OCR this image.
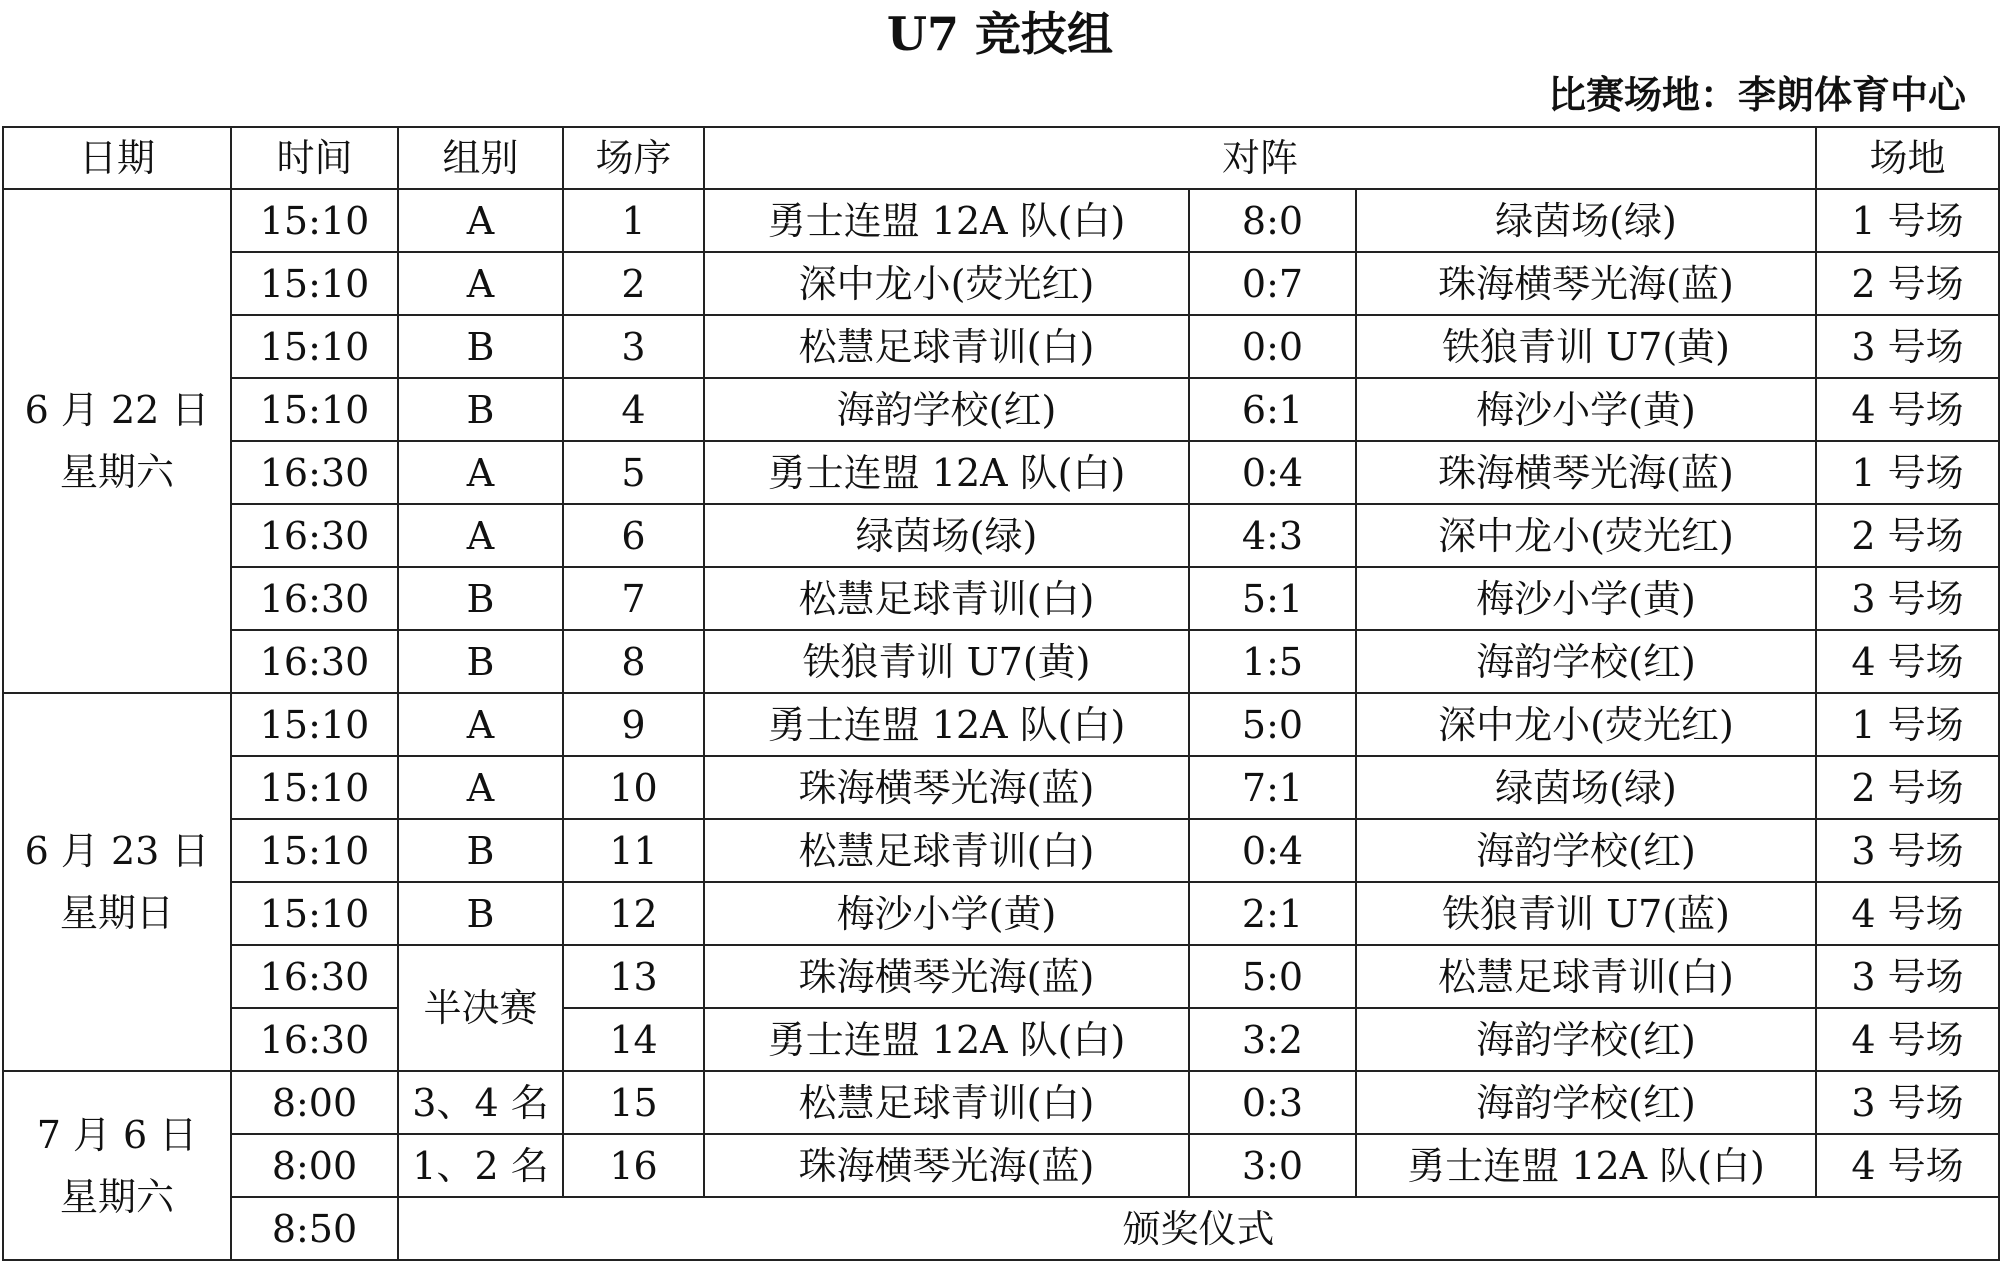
U7 竞技组
比赛场地：李朗体育中心
日期	时间	组别	场序	对阵			场地

6 月 22 日
星期六	15:10	A	1	勇士连盟 12A 队(白)	8:0	绿茵场(绿)	1 号场
	15:10	A	2	深中龙小(荧光红)	0:7	珠海横琴光海(蓝)	2 号场
	15:10	B	3	松慧足球青训(白)	0:0	铁狼青训 U7(黄)	3 号场
	15:10	B	4	海韵学校(红)	6:1	梅沙小学(黄)	4 号场
	16:30	A	5	勇士连盟 12A 队(白)	0:4	珠海横琴光海(蓝)	1 号场
	16:30	A	6	绿茵场(绿)	4:3	深中龙小(荧光红)	2 号场
	16:30	B	7	松慧足球青训(白)	5:1	梅沙小学(黄)	3 号场
	16:30	B	8	铁狼青训 U7(黄)	1:5	海韵学校(红)	4 号场

6 月 23 日
星期日	15:10	A	9	勇士连盟 12A 队(白)	5:0	深中龙小(荧光红)	1 号场
	15:10	A	10	珠海横琴光海(蓝)	7:1	绿茵场(绿)	2 号场
	15:10	B	11	松慧足球青训(白)	0:4	海韵学校(红)	3 号场
	15:10	B	12	梅沙小学(黄)	2:1	铁狼青训 U7(蓝)	4 号场
	16:30	半决赛	13	珠海横琴光海(蓝)	5:0	松慧足球青训(白)	3 号场
	16:30		14	勇士连盟 12A 队(白)	3:2	海韵学校(红)	4 号场

7 月 6 日
星期六	8:00	3、4 名	15	松慧足球青训(白)	0:3	海韵学校(红)	3 号场
	8:00	1、2 名	16	珠海横琴光海(蓝)	3:0	勇士连盟 12A 队(白)	4 号场
	8:50	颁奖仪式					
